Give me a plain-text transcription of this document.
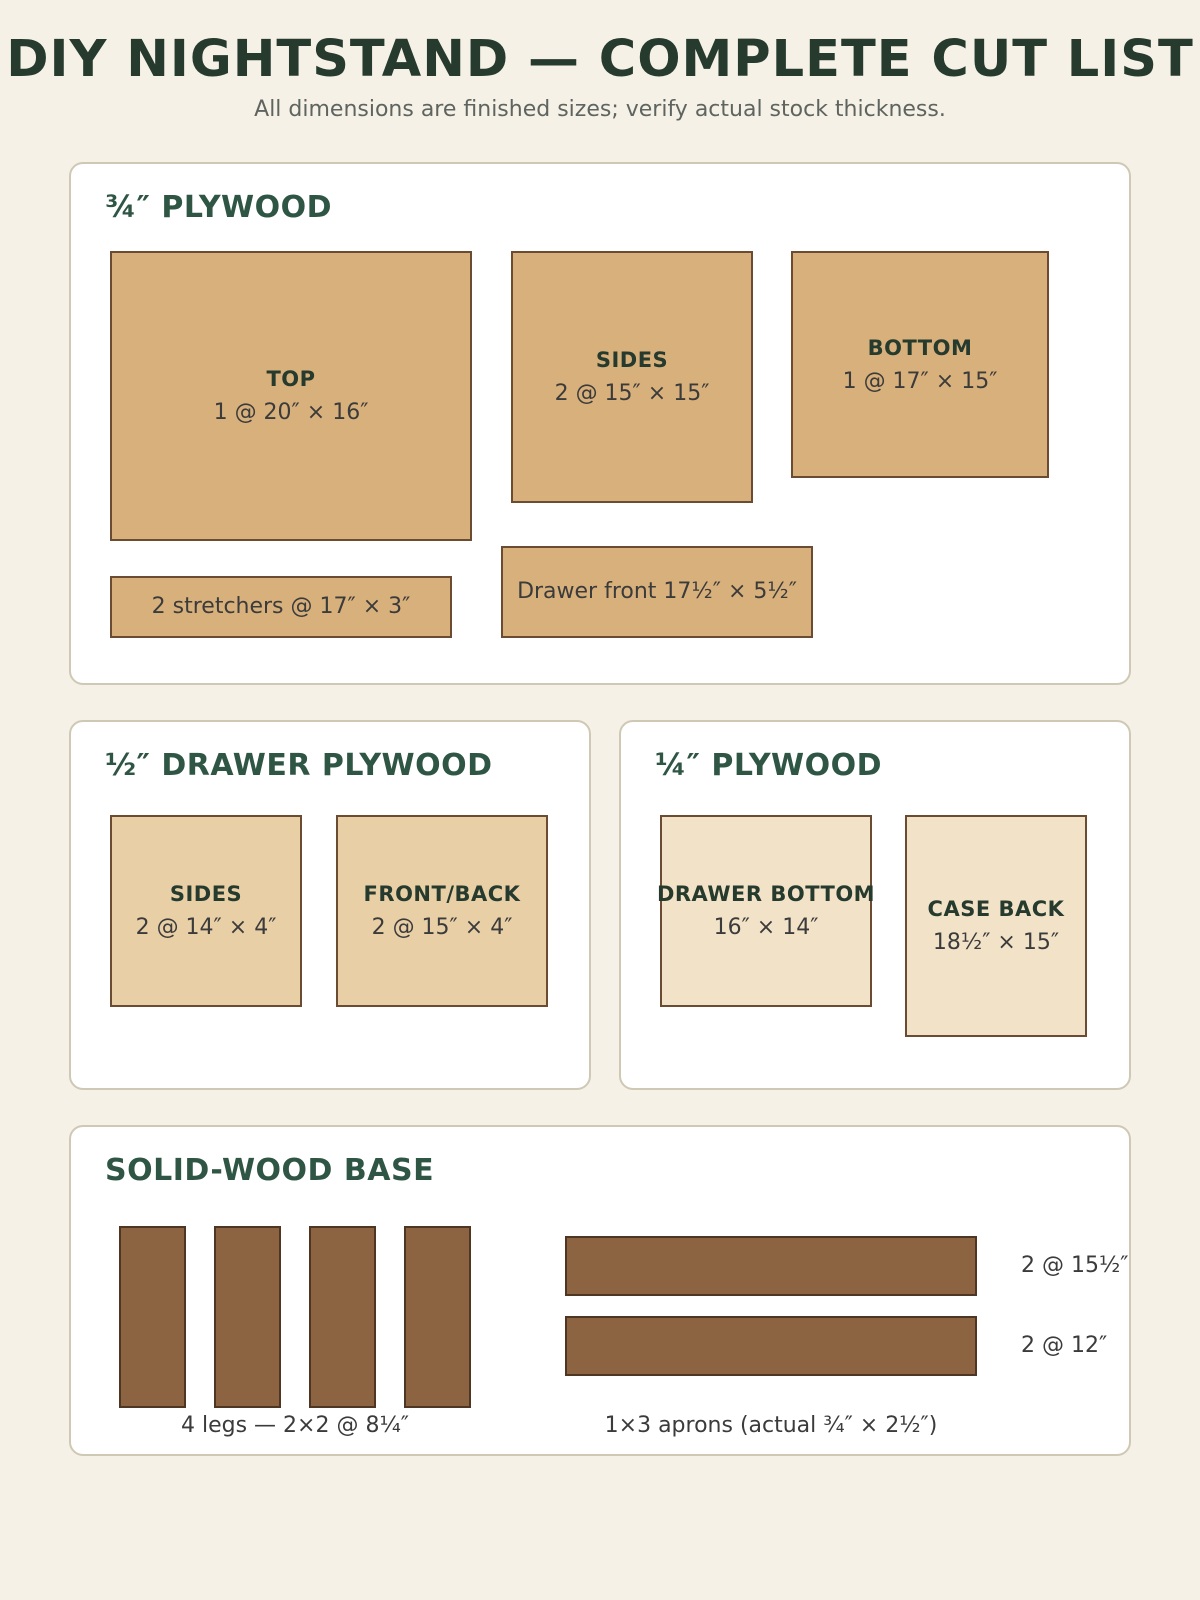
DIY NIGHTSTAND — COMPLETE CUT LIST
All dimensions are finished sizes; verify actual stock thickness.
¾″ PLYWOOD
TOP
1 @ 20″ × 16″
SIDES
2 @ 15″ × 15″
BOTTOM
1 @ 17″ × 15″
2 stretchers @ 17″ × 3″
Drawer front 17½″ × 5½″
½″ DRAWER PLYWOOD
SIDES
2 @ 14″ × 4″
FRONT/BACK
2 @ 15″ × 4″
¼″ PLYWOOD
DRAWER BOTTOM
16″ × 14″
CASE BACK
18½″ × 15″
SOLID-WOOD BASE
2 @ 15½″
2 @ 12″
4 legs — 2×2 @ 8¼″	1×3 aprons (actual ¾″ × 2½″)
